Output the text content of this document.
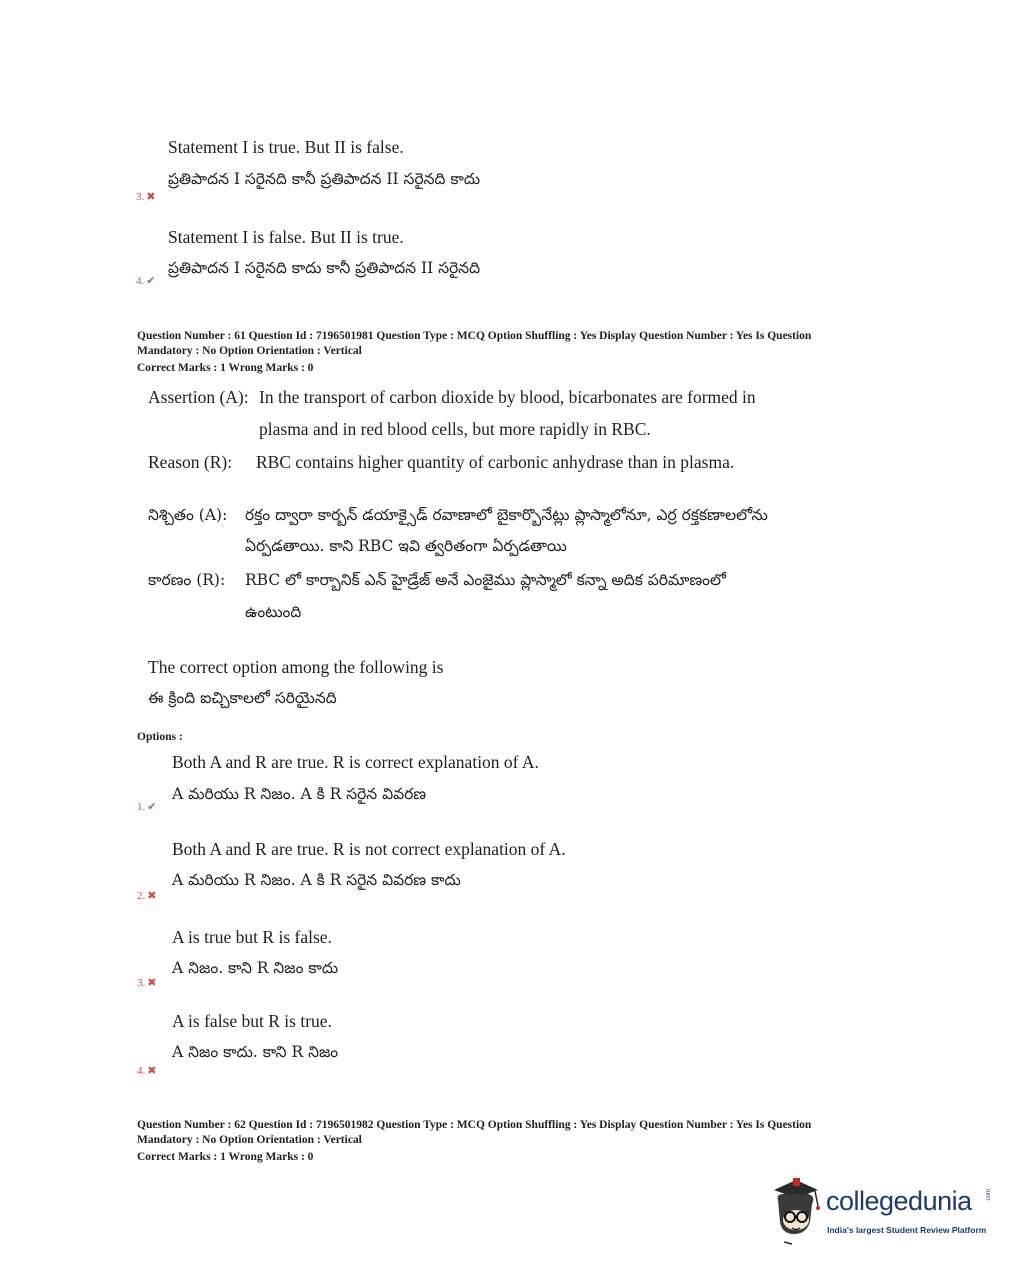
Statement I is true. But II is false.
ప్రతిపాదన I సరైనది కానీ ప్రతిపాదన II సరైనది కాదు
3. ✖
Statement I is false. But II is true.
ప్రతిపాదన I సరైనది కాదు కానీ ప్రతిపాదన II సరైనది
4. ✔
Question Number : 61 Question Id : 7196501981 Question Type : MCQ Option Shuffling : Yes Display Question Number : Yes Is Question
Mandatory : No Option Orientation : Vertical
Correct Marks : 1 Wrong Marks : 0
Assertion (A): In the transport of carbon dioxide by blood, bicarbonates are formed in
plasma and in red blood cells, but more rapidly in RBC.
Reason (R): RBC contains higher quantity of carbonic anhydrase than in plasma.
నిశ్చితం (A): రక్తం ద్వారా కార్బన్ డయాక్సైడ్ రవాణాలో బైకార్బొనేట్లు ప్లాస్మాలోనూ, ఎర్ర రక్తకణాలలోను
ఏర్పడతాయి. కాని RBC ఇవి త్వరితంగా ఏర్పడతాయి
కారణం (R): RBC లో కార్బానిక్ ఎన్ హైడ్రేజ్ అనే ఎంజైము ప్లాస్మాలో కన్నా అదిక పరిమాణంలో
ఉంటుంది
The correct option among the following is
ఈ క్రింది ఐచ్చికాలలో సరియైనది
Options :
Both A and R are true. R is correct explanation of A.
A మరియు R నిజం. A కి R సరైన వివరణ
1. ✔
Both A and R are true. R is not correct explanation of A.
A మరియు R నిజం. A కి R సరైన వివరణ కాదు
2. ✖
A is true but R is false.
A నిజం. కాని R నిజం కాదు
3. ✖
A is false but R is true.
A నిజం కాదు. కాని R నిజం
4. ✖
Question Number : 62 Question Id : 7196501982 Question Type : MCQ Option Shuffling : Yes Display Question Number : Yes Is Question
Mandatory : No Option Orientation : Vertical
Correct Marks : 1 Wrong Marks : 0
collegedunia .com
India's largest Student Review Platform
